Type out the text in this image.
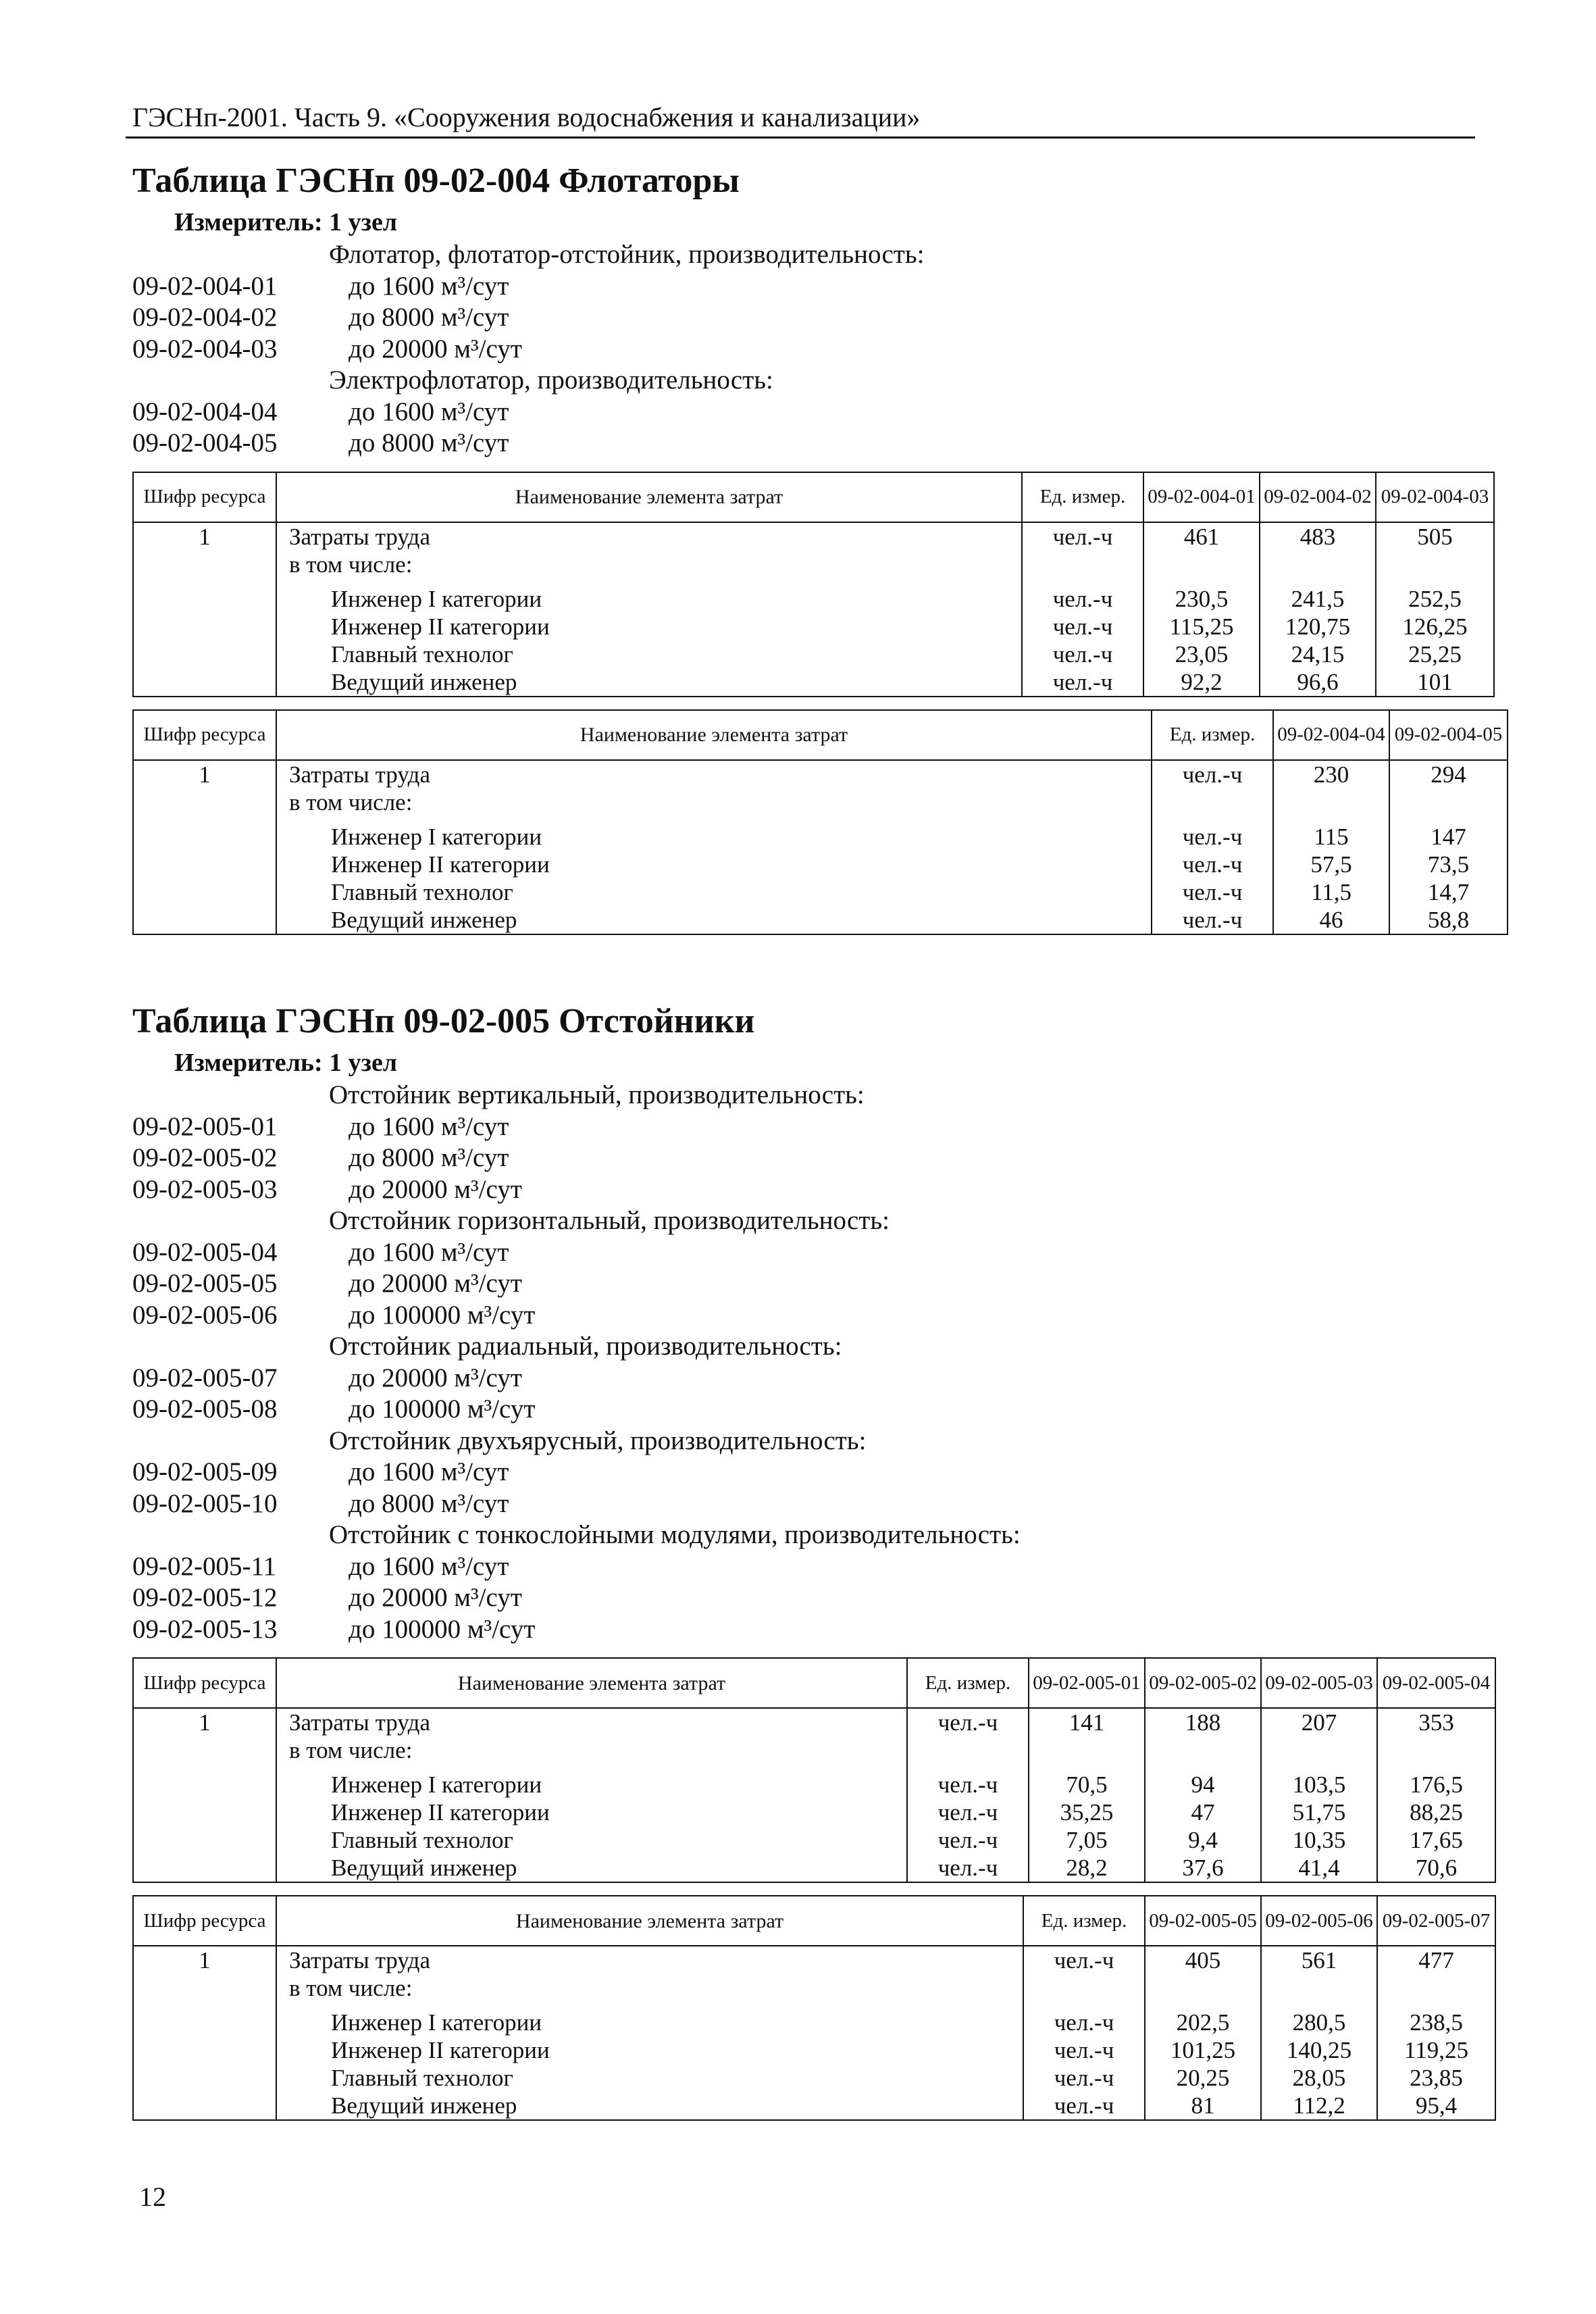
ГЭСНп-2001. Часть 9. «Сооружения водоснабжения и канализации»
Таблица ГЭСНп 09-02-004 Флотаторы
Измеритель: 1 узел
Флотатор, флотатор-отстойник, производительность:
09-02-004-01	до 1600 м³/сут
09-02-004-02	до 8000 м³/сут
09-02-004-03	до 20000 м³/сут
Электрофлотатор, производительность:
09-02-004-04	до 1600 м³/сут
09-02-004-05	до 8000 м³/сут
Шифр ресурса	Наименование элемента затрат	Ед. измер.	09-02-004-01	09-02-004-02	09-02-004-03
1	Затраты труда	чел.-ч	461	483	505
	в том числе:				

	Инженер I категории	чел.-ч	230,5	241,5	252,5
	Инженер II категории	чел.-ч	115,25	120,75	126,25
	Главный технолог	чел.-ч	23,05	24,15	25,25
	Ведущий инженер	чел.-ч	92,2	96,6	101
Шифр ресурса	Наименование элемента затрат	Ед. измер.	09-02-004-04	09-02-004-05
1	Затраты труда	чел.-ч	230	294
	в том числе:			

	Инженер I категории	чел.-ч	115	147
	Инженер II категории	чел.-ч	57,5	73,5
	Главный технолог	чел.-ч	11,5	14,7
	Ведущий инженер	чел.-ч	46	58,8
Таблица ГЭСНп 09-02-005 Отстойники
Измеритель: 1 узел
Отстойник вертикальный, производительность:
09-02-005-01	до 1600 м³/сут
09-02-005-02	до 8000 м³/сут
09-02-005-03	до 20000 м³/сут
Отстойник горизонтальный, производительность:
09-02-005-04	до 1600 м³/сут
09-02-005-05	до 20000 м³/сут
09-02-005-06	до 100000 м³/сут
Отстойник радиальный, производительность:
09-02-005-07	до 20000 м³/сут
09-02-005-08	до 100000 м³/сут
Отстойник двухъярусный, производительность:
09-02-005-09	до 1600 м³/сут
09-02-005-10	до 8000 м³/сут
Отстойник с тонкослойными модулями, производительность:
09-02-005-11	до 1600 м³/сут
09-02-005-12	до 20000 м³/сут
09-02-005-13	до 100000 м³/сут
Шифр ресурса	Наименование элемента затрат	Ед. измер.	09-02-005-01	09-02-005-02	09-02-005-03	09-02-005-04
1	Затраты труда	чел.-ч	141	188	207	353
	в том числе:					

	Инженер I категории	чел.-ч	70,5	94	103,5	176,5
	Инженер II категории	чел.-ч	35,25	47	51,75	88,25
	Главный технолог	чел.-ч	7,05	9,4	10,35	17,65
	Ведущий инженер	чел.-ч	28,2	37,6	41,4	70,6
Шифр ресурса	Наименование элемента затрат	Ед. измер.	09-02-005-05	09-02-005-06	09-02-005-07
1	Затраты труда	чел.-ч	405	561	477
	в том числе:				

	Инженер I категории	чел.-ч	202,5	280,5	238,5
	Инженер II категории	чел.-ч	101,25	140,25	119,25
	Главный технолог	чел.-ч	20,25	28,05	23,85
	Ведущий инженер	чел.-ч	81	112,2	95,4
12
